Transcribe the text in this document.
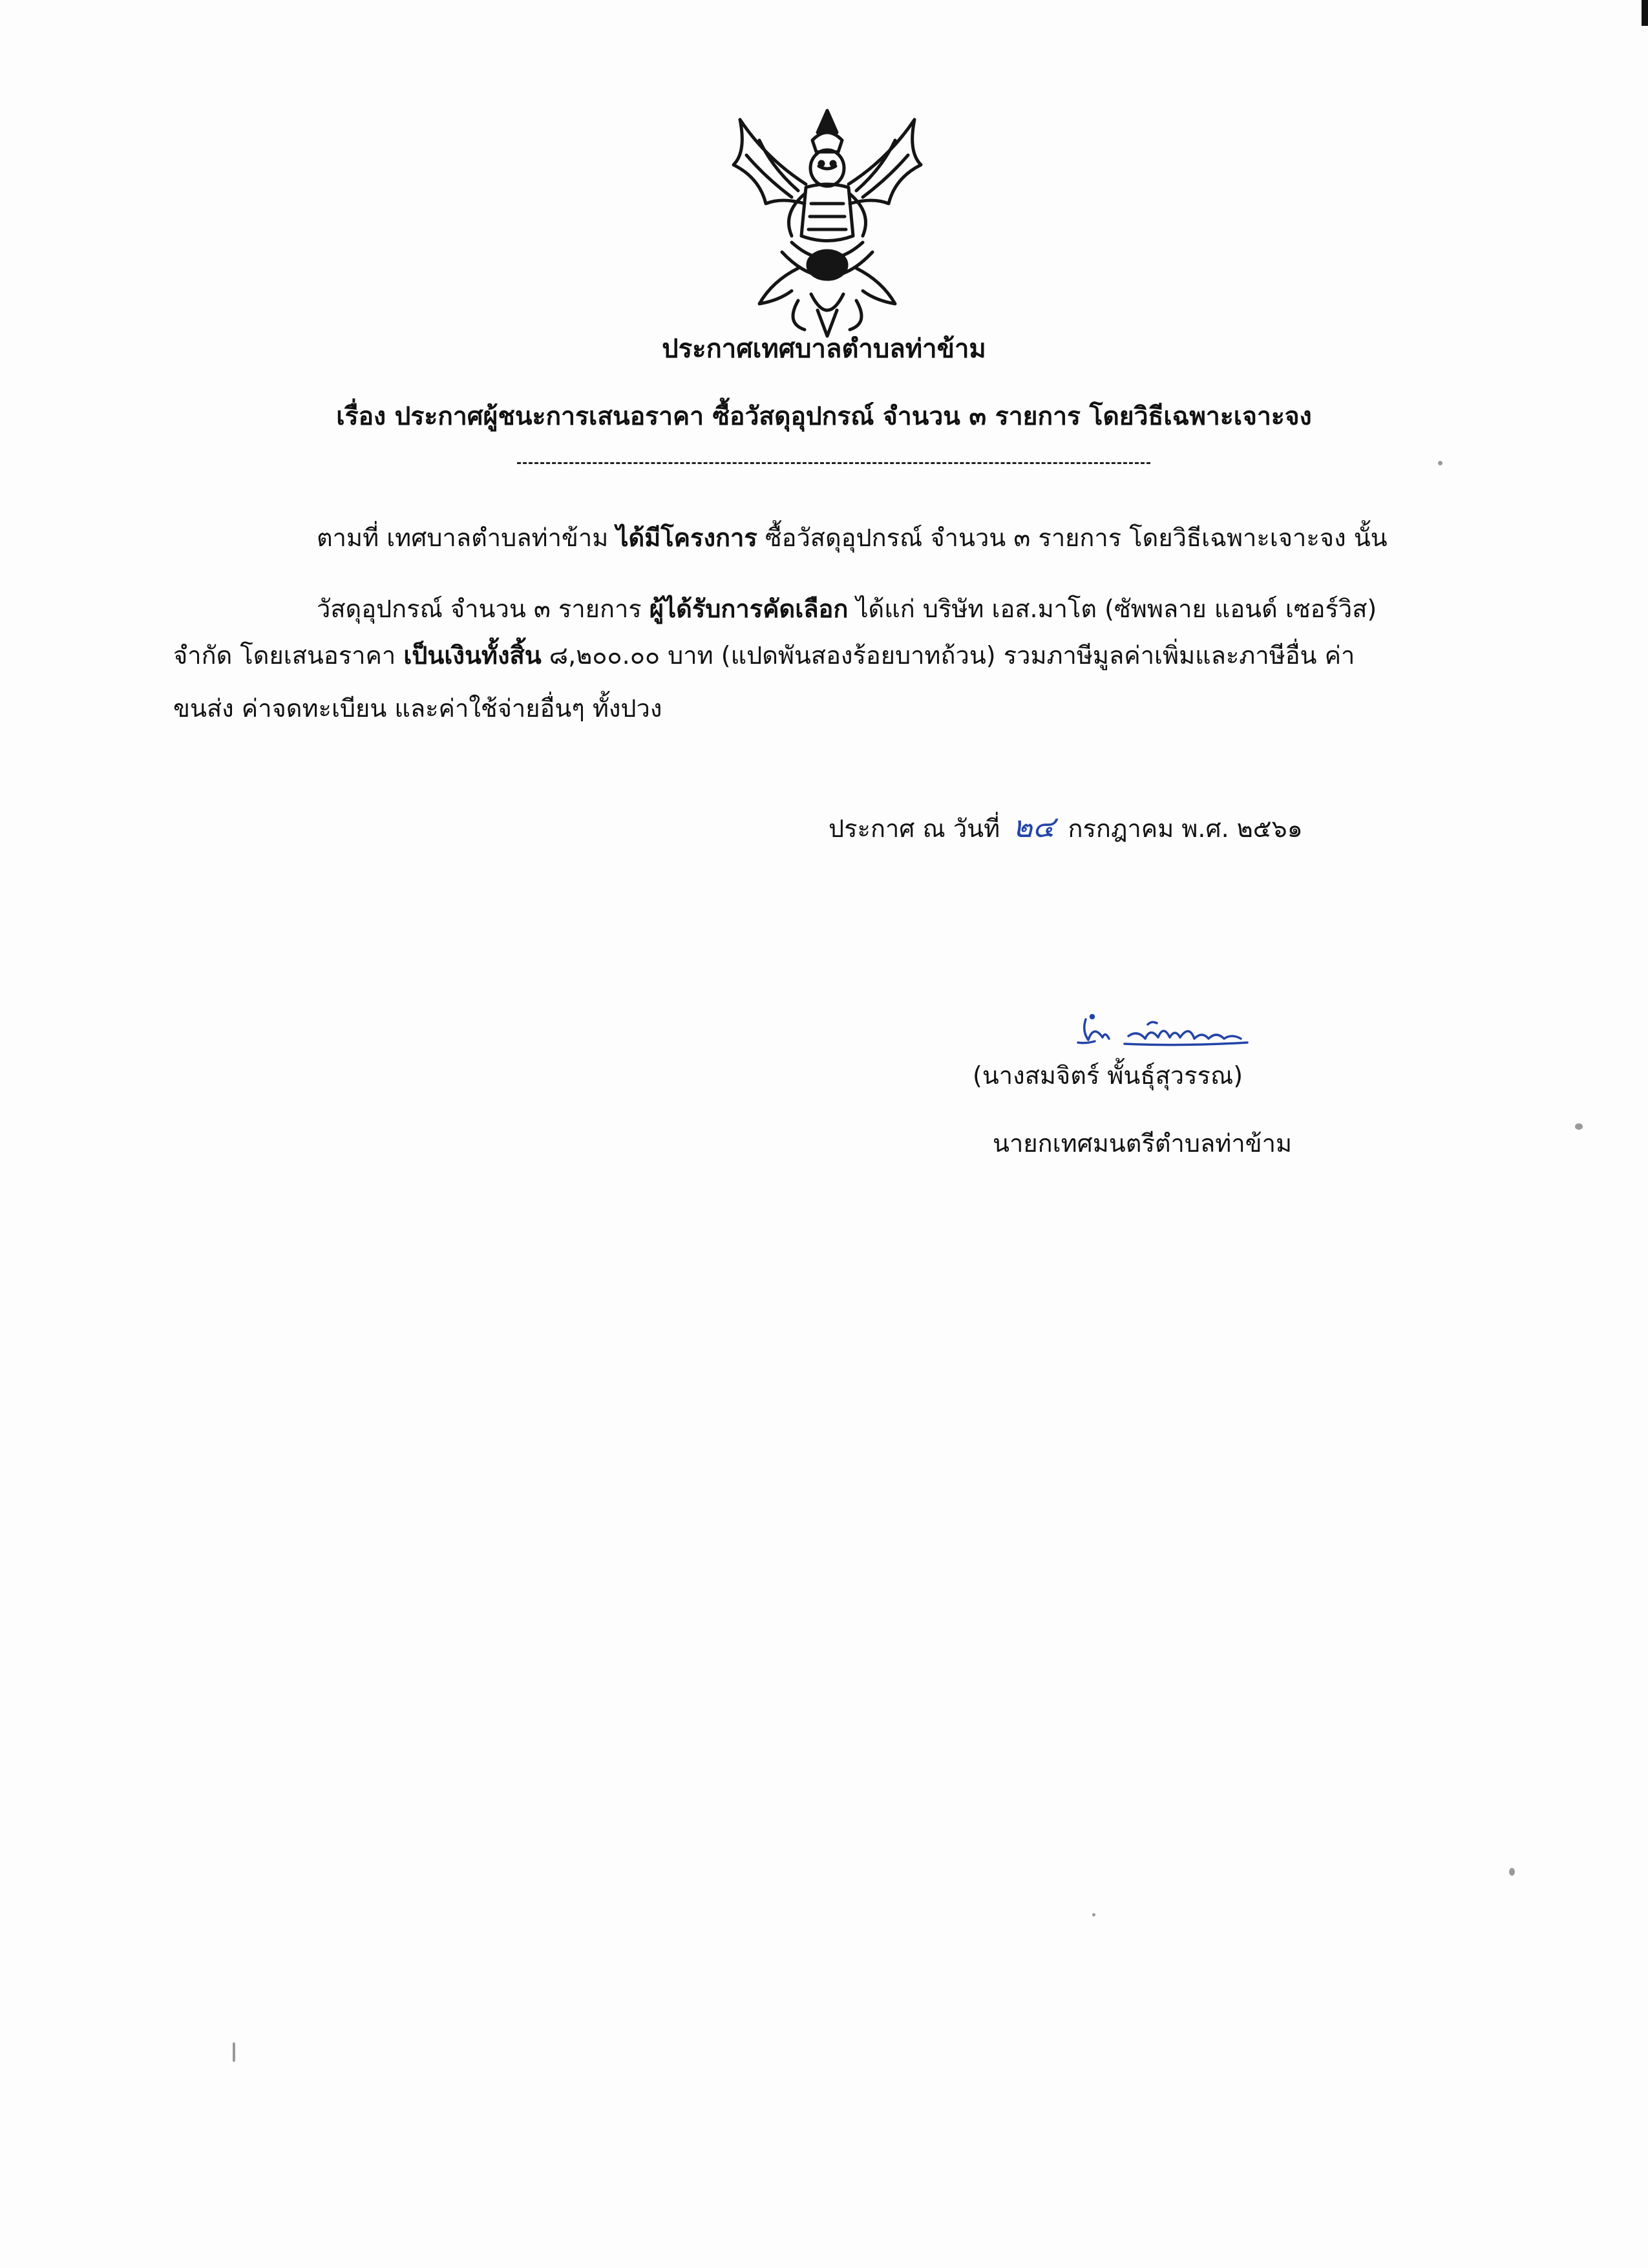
ประกาศเทศบาลตำบลท่าข้าม
เรื่อง ประกาศผู้ชนะการเสนอราคา ซื้อวัสดุอุปกรณ์ จำนวน ๓ รายการ โดยวิธีเฉพาะเจาะจง
ตามที่ เทศบาลตำบลท่าข้าม ได้มีโครงการ ซื้อวัสดุอุปกรณ์ จำนวน ๓ รายการ โดยวิธีเฉพาะเจาะจง นั้น
วัสดุอุปกรณ์ จำนวน ๓ รายการ ผู้ได้รับการคัดเลือก ได้แก่ บริษัท เอส.มาโต (ซัพพลาย แอนด์ เซอร์วิส)
จำกัด โดยเสนอราคา เป็นเงินทั้งสิ้น ๘,๒๐๐.๐๐ บาท (แปดพันสองร้อยบาทถ้วน) รวมภาษีมูลค่าเพิ่มและภาษีอื่น ค่า
ขนส่ง ค่าจดทะเบียน และค่าใช้จ่ายอื่นๆ ทั้งปวง
ประกาศ ณ วันที่ ๒๔ กรกฎาคม พ.ศ. ๒๕๖๑
(นางสมจิตร์ พั้นธุ์สุวรรณ)
นายกเทศมนตรีตำบลท่าข้าม
